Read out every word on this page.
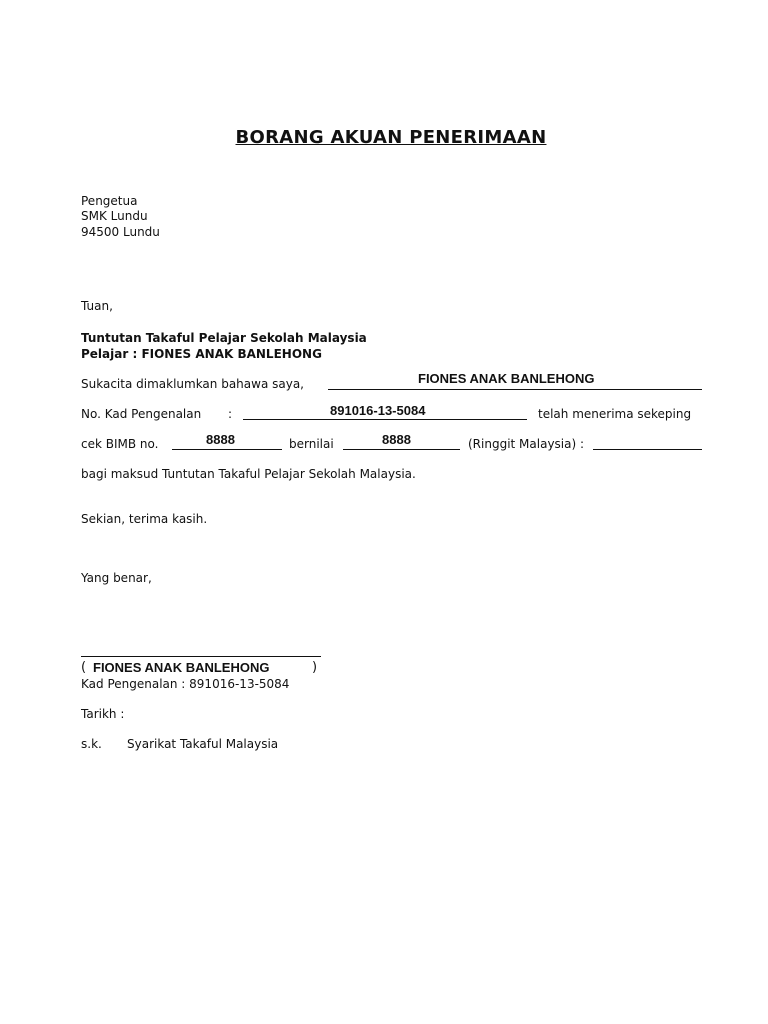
BORANG AKUAN PENERIMAAN
Pengetua
SMK Lundu
94500 Lundu
Tuan,
Tuntutan Takaful Pelajar Sekolah Malaysia
Pelajar : FIONES ANAK BANLEHONG
Sukacita dimaklumkan bahawa saya,	FIONES ANAK BANLEHONG
No. Kad Pengenalan :	891016-13-5084	telah menerima sekeping
cek BIMB no.	8888	bernilai	8888	(Ringgit Malaysia) :
bagi maksud Tuntutan Takaful Pelajar Sekolah Malaysia.
Sekian, terima kasih.
Yang benar,
( FIONES ANAK BANLEHONG	)
Kad Pengenalan : 891016-13-5084
Tarikh :
s.k. Syarikat Takaful Malaysia
